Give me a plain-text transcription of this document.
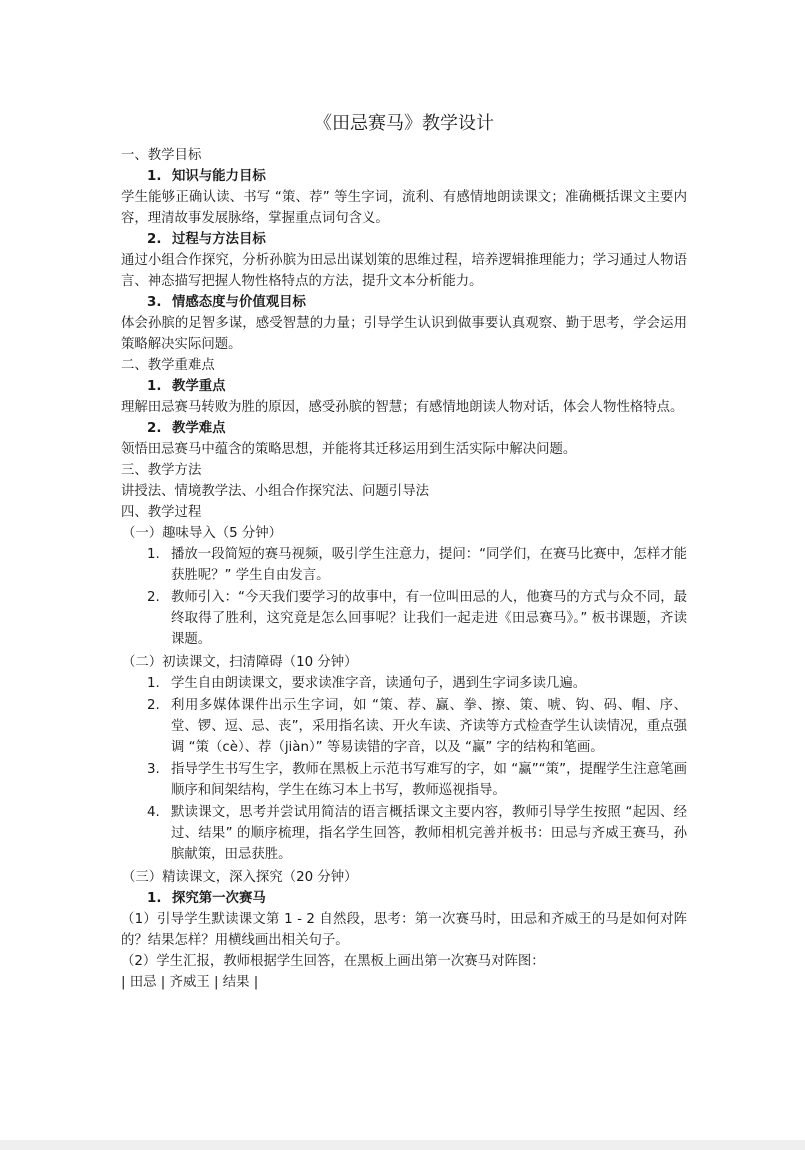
《田忌赛马》教学设计
一、教学目标
1. 知识与能力目标
学生能够正确认读、书写 “策、荐” 等生字词，流利、有感情地朗读课文；准确概括课文主要内容，理清故事发展脉络，掌握重点词句含义。
2. 过程与方法目标
通过小组合作探究，分析孙膑为田忌出谋划策的思维过程，培养逻辑推理能力；学习通过人物语言、神态描写把握人物性格特点的方法，提升文本分析能力。
3. 情感态度与价值观目标
体会孙膑的足智多谋，感受智慧的力量；引导学生认识到做事要认真观察、勤于思考，学会运用策略解决实际问题。
二、教学重难点
1. 教学重点
理解田忌赛马转败为胜的原因，感受孙膑的智慧；有感情地朗读人物对话，体会人物性格特点。
2. 教学难点
领悟田忌赛马中蕴含的策略思想，并能将其迁移运用到生活实际中解决问题。
三、教学方法
讲授法、情境教学法、小组合作探究法、问题引导法
四、教学过程
（一）趣味导入（5 分钟）
1. 播放一段简短的赛马视频，吸引学生注意力，提问：“同学们，在赛马比赛中，怎样才能获胜呢？” 学生自由发言。
2. 教师引入：“今天我们要学习的故事中，有一位叫田忌的人，他赛马的方式与众不同，最终取得了胜利，这究竟是怎么回事呢？让我们一起走进《田忌赛马》。” 板书课题，齐读课题。
（二）初读课文，扫清障碍（10 分钟）
1. 学生自由朗读课文，要求读准字音，读通句子，遇到生字词多读几遍。
2. 利用多媒体课件出示生字词，如 “策、荐、赢、拳、擦、策、唬、钩、码、帽、序、堂、锣、逗、忌、丧”，采用指名读、开火车读、齐读等方式检查学生认读情况，重点强调 “策（cè）、荐（jiàn）” 等易读错的字音，以及 “赢” 字的结构和笔画。
3. 指导学生书写生字，教师在黑板上示范书写难写的字，如 “赢”“策”，提醒学生注意笔画顺序和间架结构，学生在练习本上书写，教师巡视指导。
4. 默读课文，思考并尝试用简洁的语言概括课文主要内容，教师引导学生按照 “起因、经过、结果” 的顺序梳理，指名学生回答，教师相机完善并板书：田忌与齐威王赛马，孙膑献策，田忌获胜。
（三）精读课文，深入探究（20 分钟）
1. 探究第一次赛马
（1）引导学生默读课文第 1 - 2 自然段，思考：第一次赛马时，田忌和齐威王的马是如何对阵的？结果怎样？用横线画出相关句子。
（2）学生汇报，教师根据学生回答，在黑板上画出第一次赛马对阵图：
| 田忌 | 齐威王 | 结果 |
